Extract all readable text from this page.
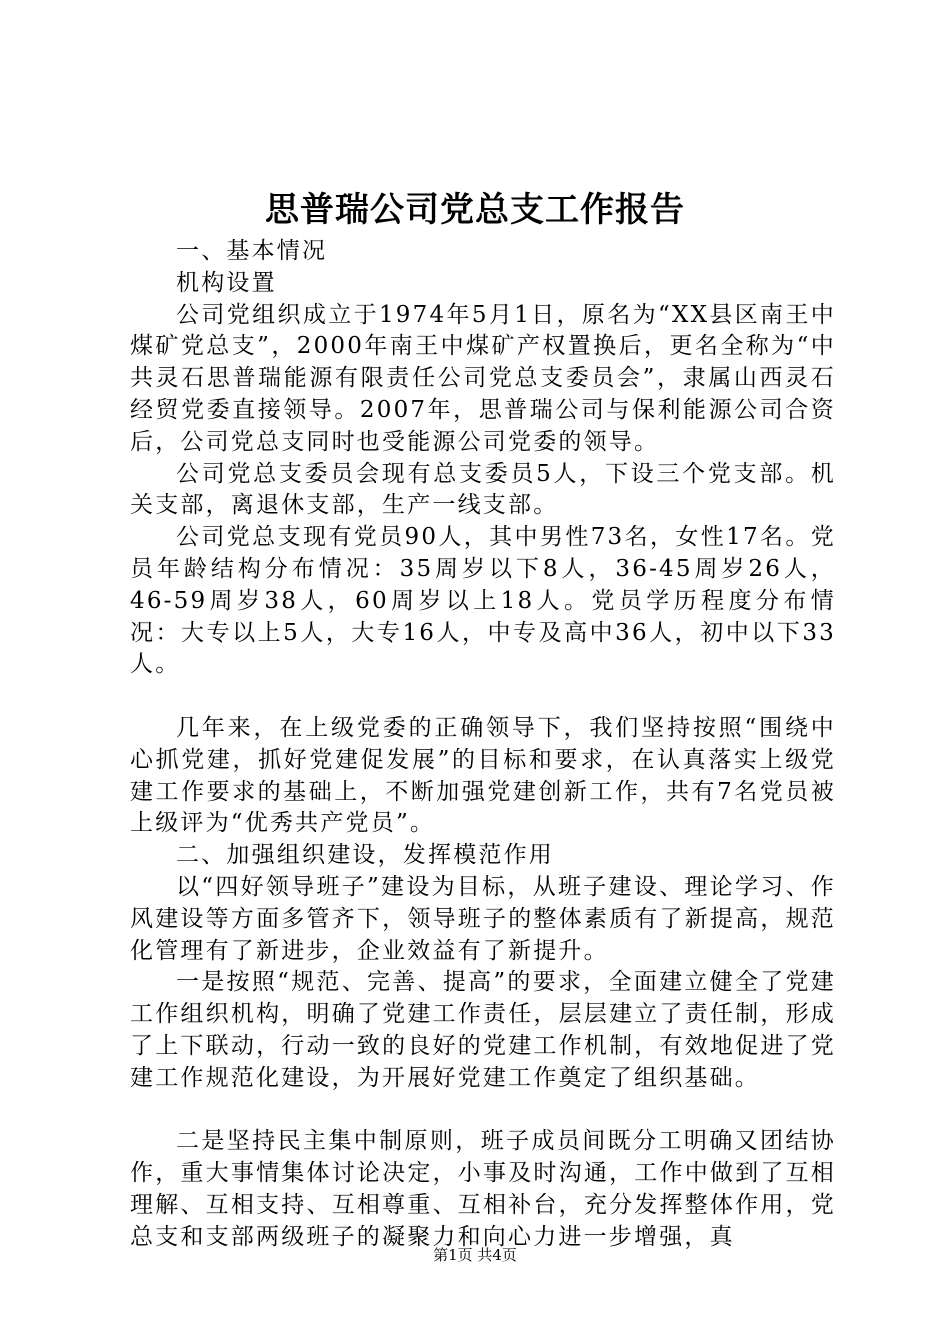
思普瑞公司党总支工作报告

一、基本情况

机构设置

公司党组织成立于1974年5月1日，原名为“XX县区南王中煤矿党总支”，2000年南王中煤矿产权置换后，更名全称为“中共灵石思普瑞能源有限责任公司党总支委员会”，隶属山西灵石经贸党委直接领导。2007年，思普瑞公司与保利能源公司合资后，公司党总支同时也受能源公司党委的领导。

公司党总支委员会现有总支委员5人，下设三个党支部。机关支部，离退休支部，生产一线支部。

公司党总支现有党员90人，其中男性73名，女性17名。党员年龄结构分布情况：35周岁以下8人，36-45周岁26人，46-59周岁38人，60周岁以上18人。党员学历程度分布情况：大专以上5人，大专16人，中专及高中36人，初中以下33人。

几年来，在上级党委的正确领导下，我们坚持按照“围绕中心抓党建，抓好党建促发展”的目标和要求，在认真落实上级党建工作要求的基础上，不断加强党建创新工作，共有7名党员被上级评为“优秀共产党员”。

二、加强组织建设，发挥模范作用

以“四好领导班子”建设为目标，从班子建设、理论学习、作风建设等方面多管齐下，领导班子的整体素质有了新提高，规范化管理有了新进步，企业效益有了新提升。

一是按照“规范、完善、提高”的要求，全面建立健全了党建工作组织机构，明确了党建工作责任，层层建立了责任制，形成了上下联动，行动一致的良好的党建工作机制，有效地促进了党建工作规范化建设，为开展好党建工作奠定了组织基础。

二是坚持民主集中制原则，班子成员间既分工明确又团结协作，重大事情集体讨论决定，小事及时沟通，工作中做到了互相理解、互相支持、互相尊重、互相补台，充分发挥整体作用，党总支和支部两级班子的凝聚力和向心力进一步增强，真

第1页 共4页
